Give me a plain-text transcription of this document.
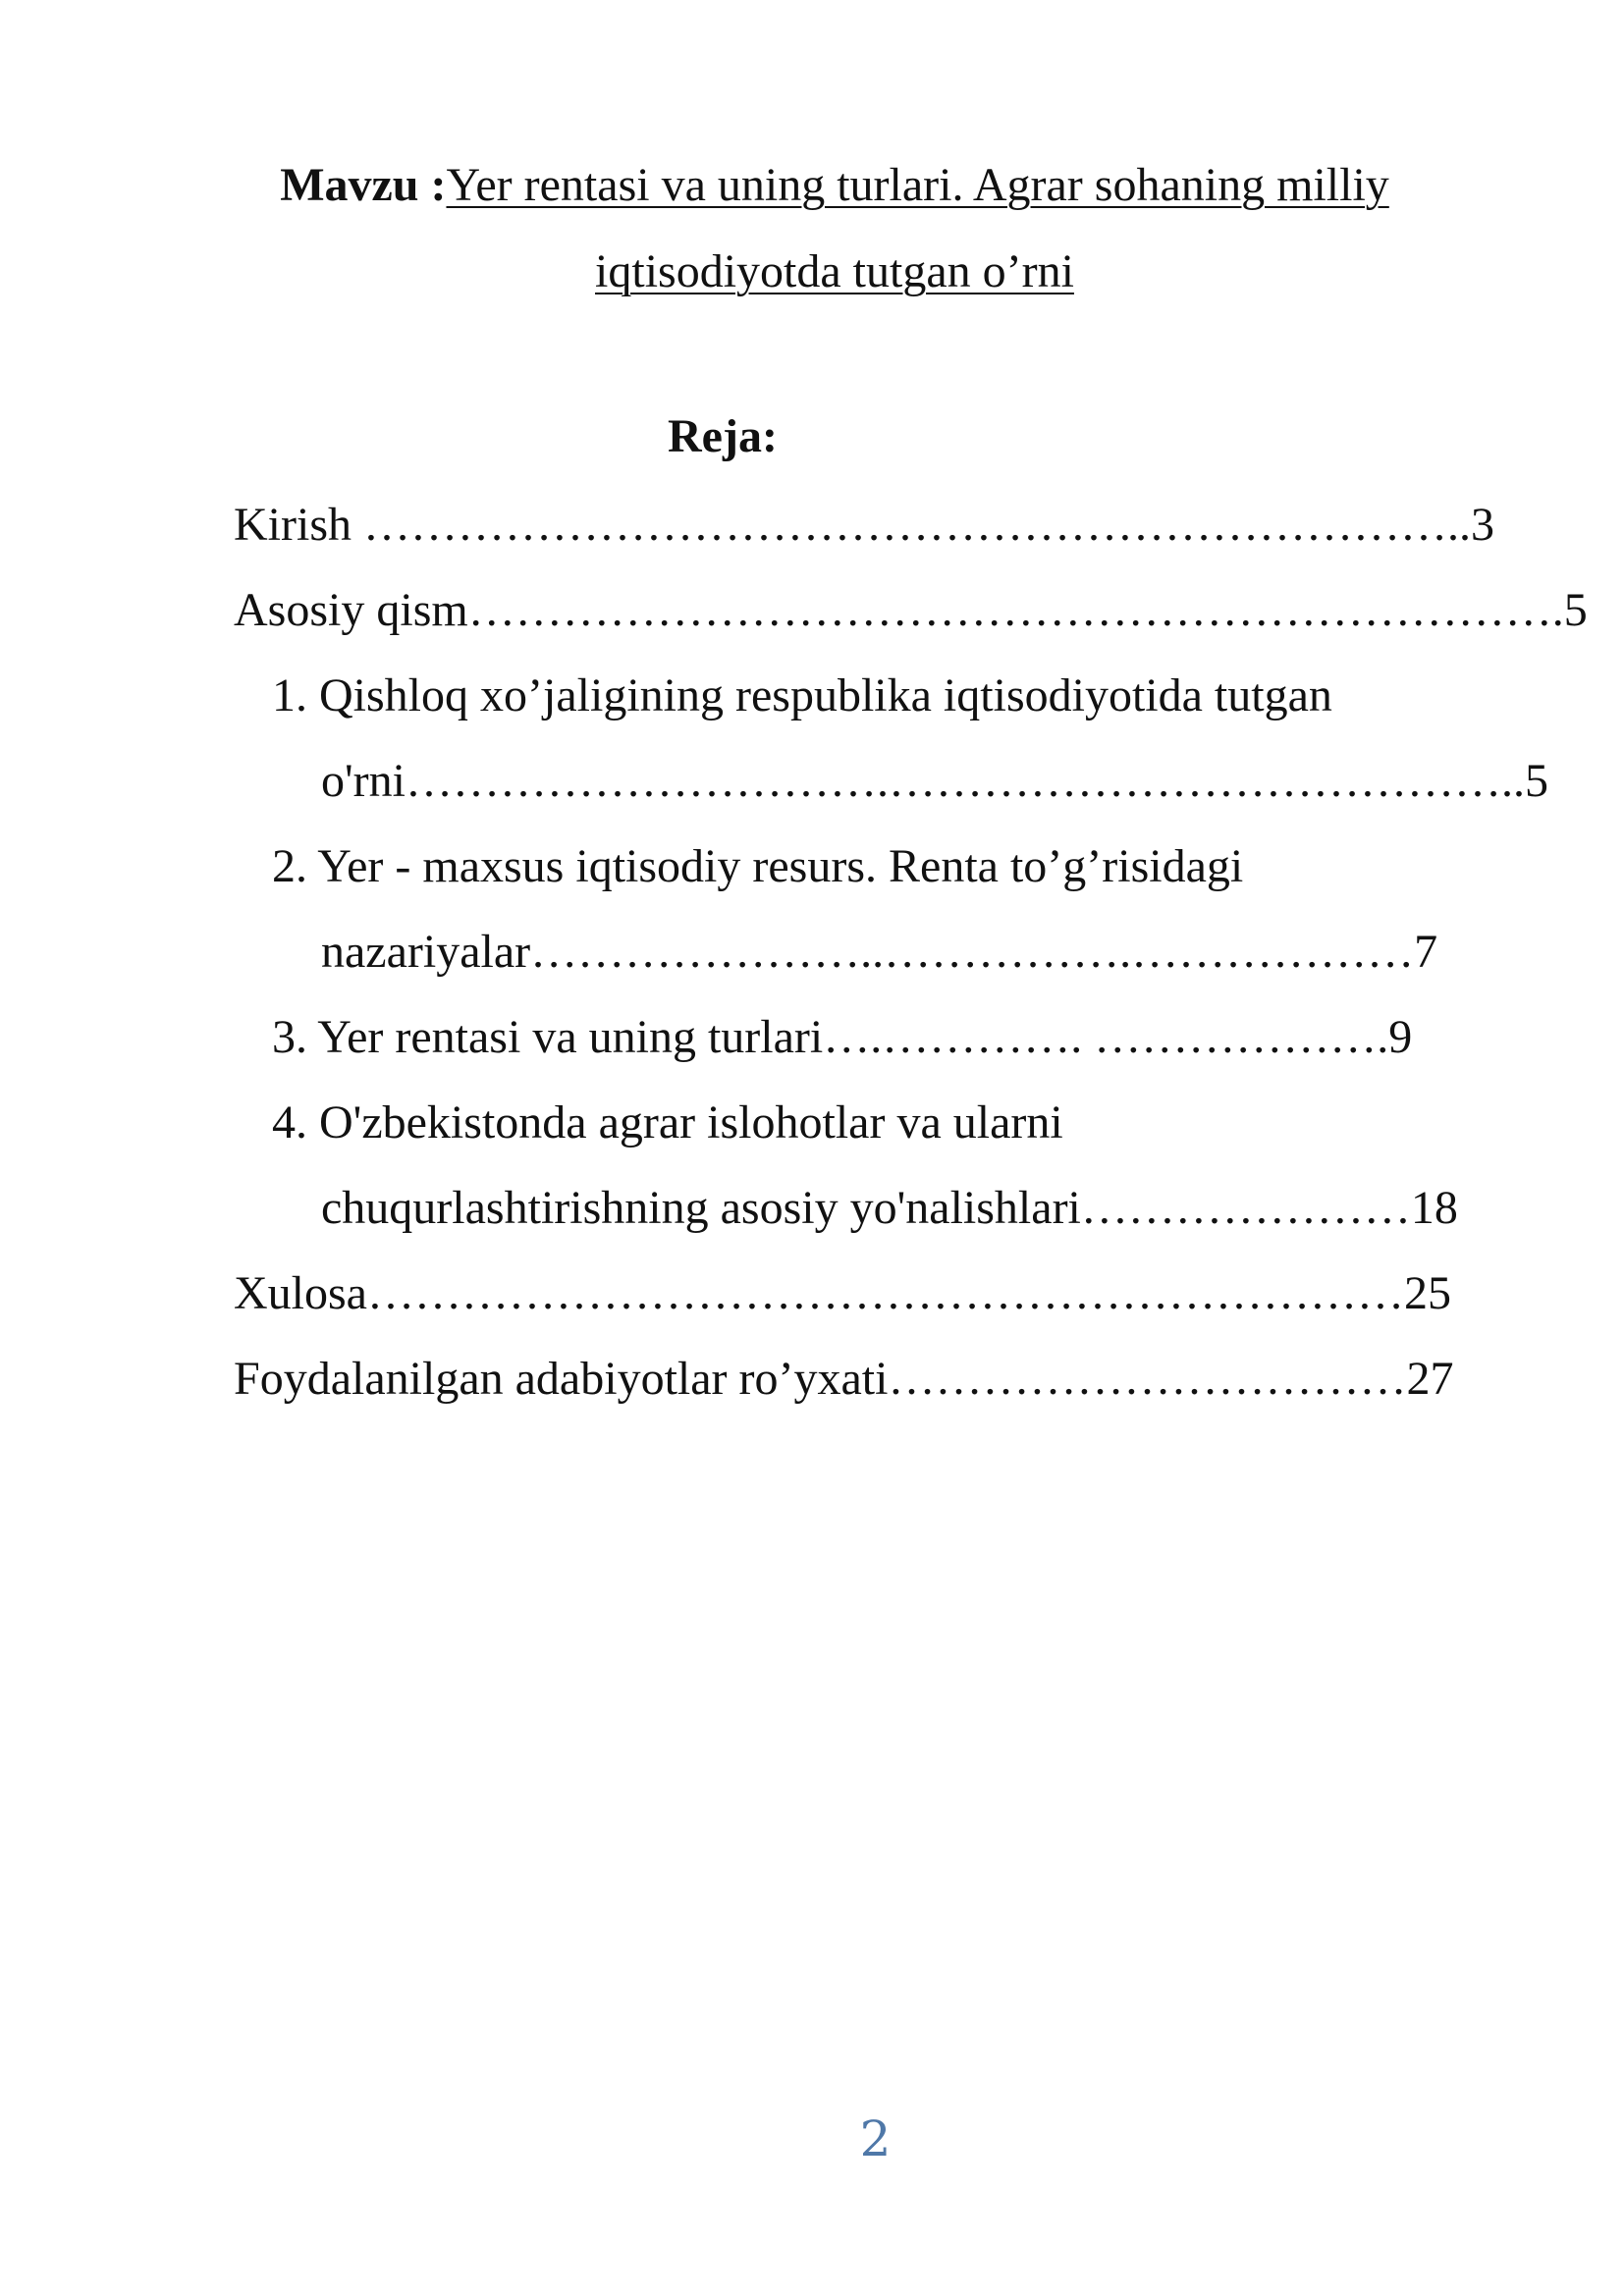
Mavzu :Yer rentasi va uning turlari. Agrar sohaning milliy
iqtisodiyotda tutgan o’rni
Reja:
Kirish ……………………………………………………………..3
Asosiy qism…………………………………………………………….5
1. Qishloq xo’jaligining respublika iqtisodiyotida tutgan
o'rni………………………….…………………………………..5
2. Yer - maxsus iqtisodiy resurs. Renta to’g’risidagi
nazariyalar…………………..…………….………………7
3. Yer rentasi va uning turlari….…………. ……………….9
4. O'zbekistonda agrar islohotlar va ularni
chuqurlashtirishning asosiy yo'nalishlari…………………18
Xulosa…………………………………………………………25
Foydalanilgan adabiyotlar ro’yxati……………………………27
2
